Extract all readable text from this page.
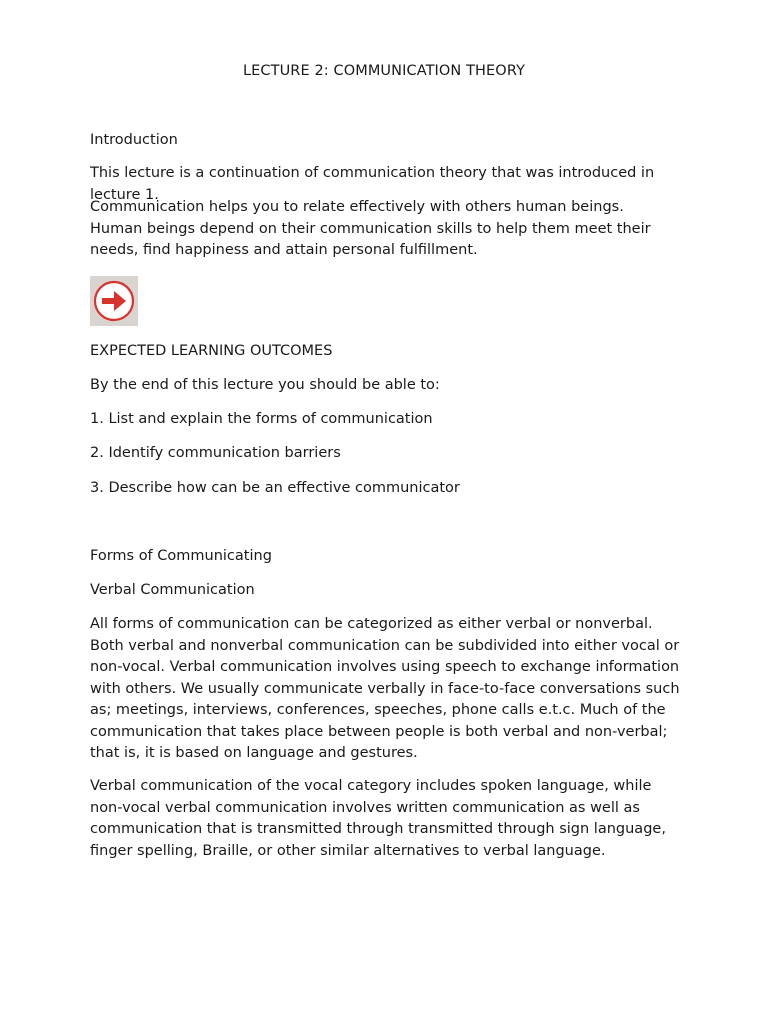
LECTURE 2: COMMUNICATION THEORY
Introduction
This lecture is a continuation of communication theory that was introduced in lecture 1.
Communication helps you to relate effectively with others human beings. Human beings depend on their communication skills to help them meet their needs, find happiness and attain personal fulfillment.
EXPECTED LEARNING OUTCOMES
By the end of this lecture you should be able to:
1. List and explain the forms of communication
2. Identify communication barriers
3. Describe how can be an effective communicator
Forms of Communicating
Verbal Communication
All forms of communication can be categorized as either verbal or nonverbal. Both verbal and nonverbal communication can be subdivided into either vocal or non-vocal. Verbal communication involves using speech to exchange information with others. We usually communicate verbally in face-to-face conversations such as; meetings, interviews, conferences, speeches, phone calls e.t.c. Much of the communication that takes place between people is both verbal and non-verbal; that is, it is based on language and gestures.
Verbal communication of the vocal category includes spoken language, while non-vocal verbal communication involves written communication as well as communication that is transmitted through transmitted through sign language, finger spelling, Braille, or other similar alternatives to verbal language.
